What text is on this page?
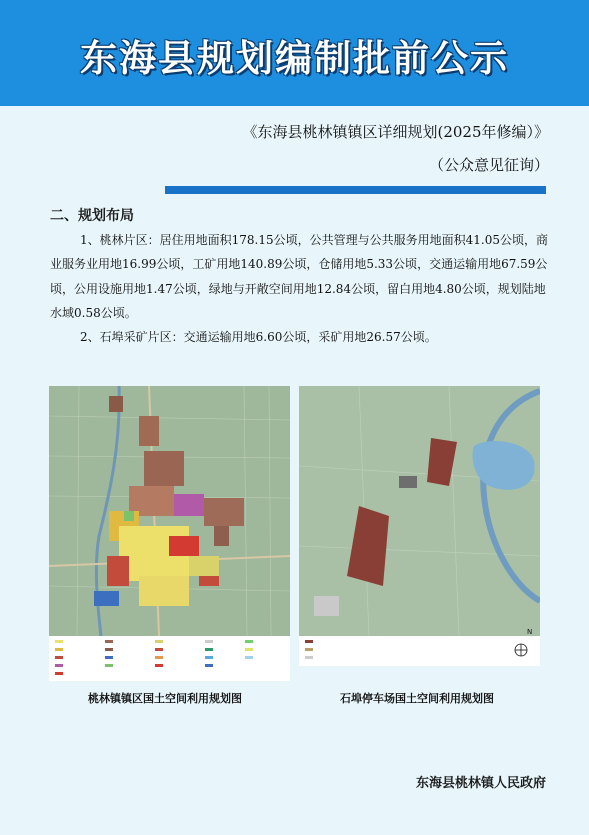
东海县规划编制批前公示
《东海县桃林镇镇区详细规划(2025年修编）》
（公众意见征询）
二、规划布局

1、桃林片区：居住用地面积178.15公顷，公共管理与公共服务用地面积41.05公顷，商业服务业用地16.99公顷，工矿用地140.89公顷，仓储用地5.33公顷，交通运输用地67.59公顷，公用设施用地1.47公顷，绿地与开敞空间用地12.84公顷，留白用地4.80公顷，规划陆地水域0.58公顷。

2、石埠采矿片区：交通运输用地6.60公顷，采矿用地26.57公顷。

N
桃林镇镇区国土空间利用规划图	石埠停车场国土空间利用规划图
东海县桃林镇人民政府
